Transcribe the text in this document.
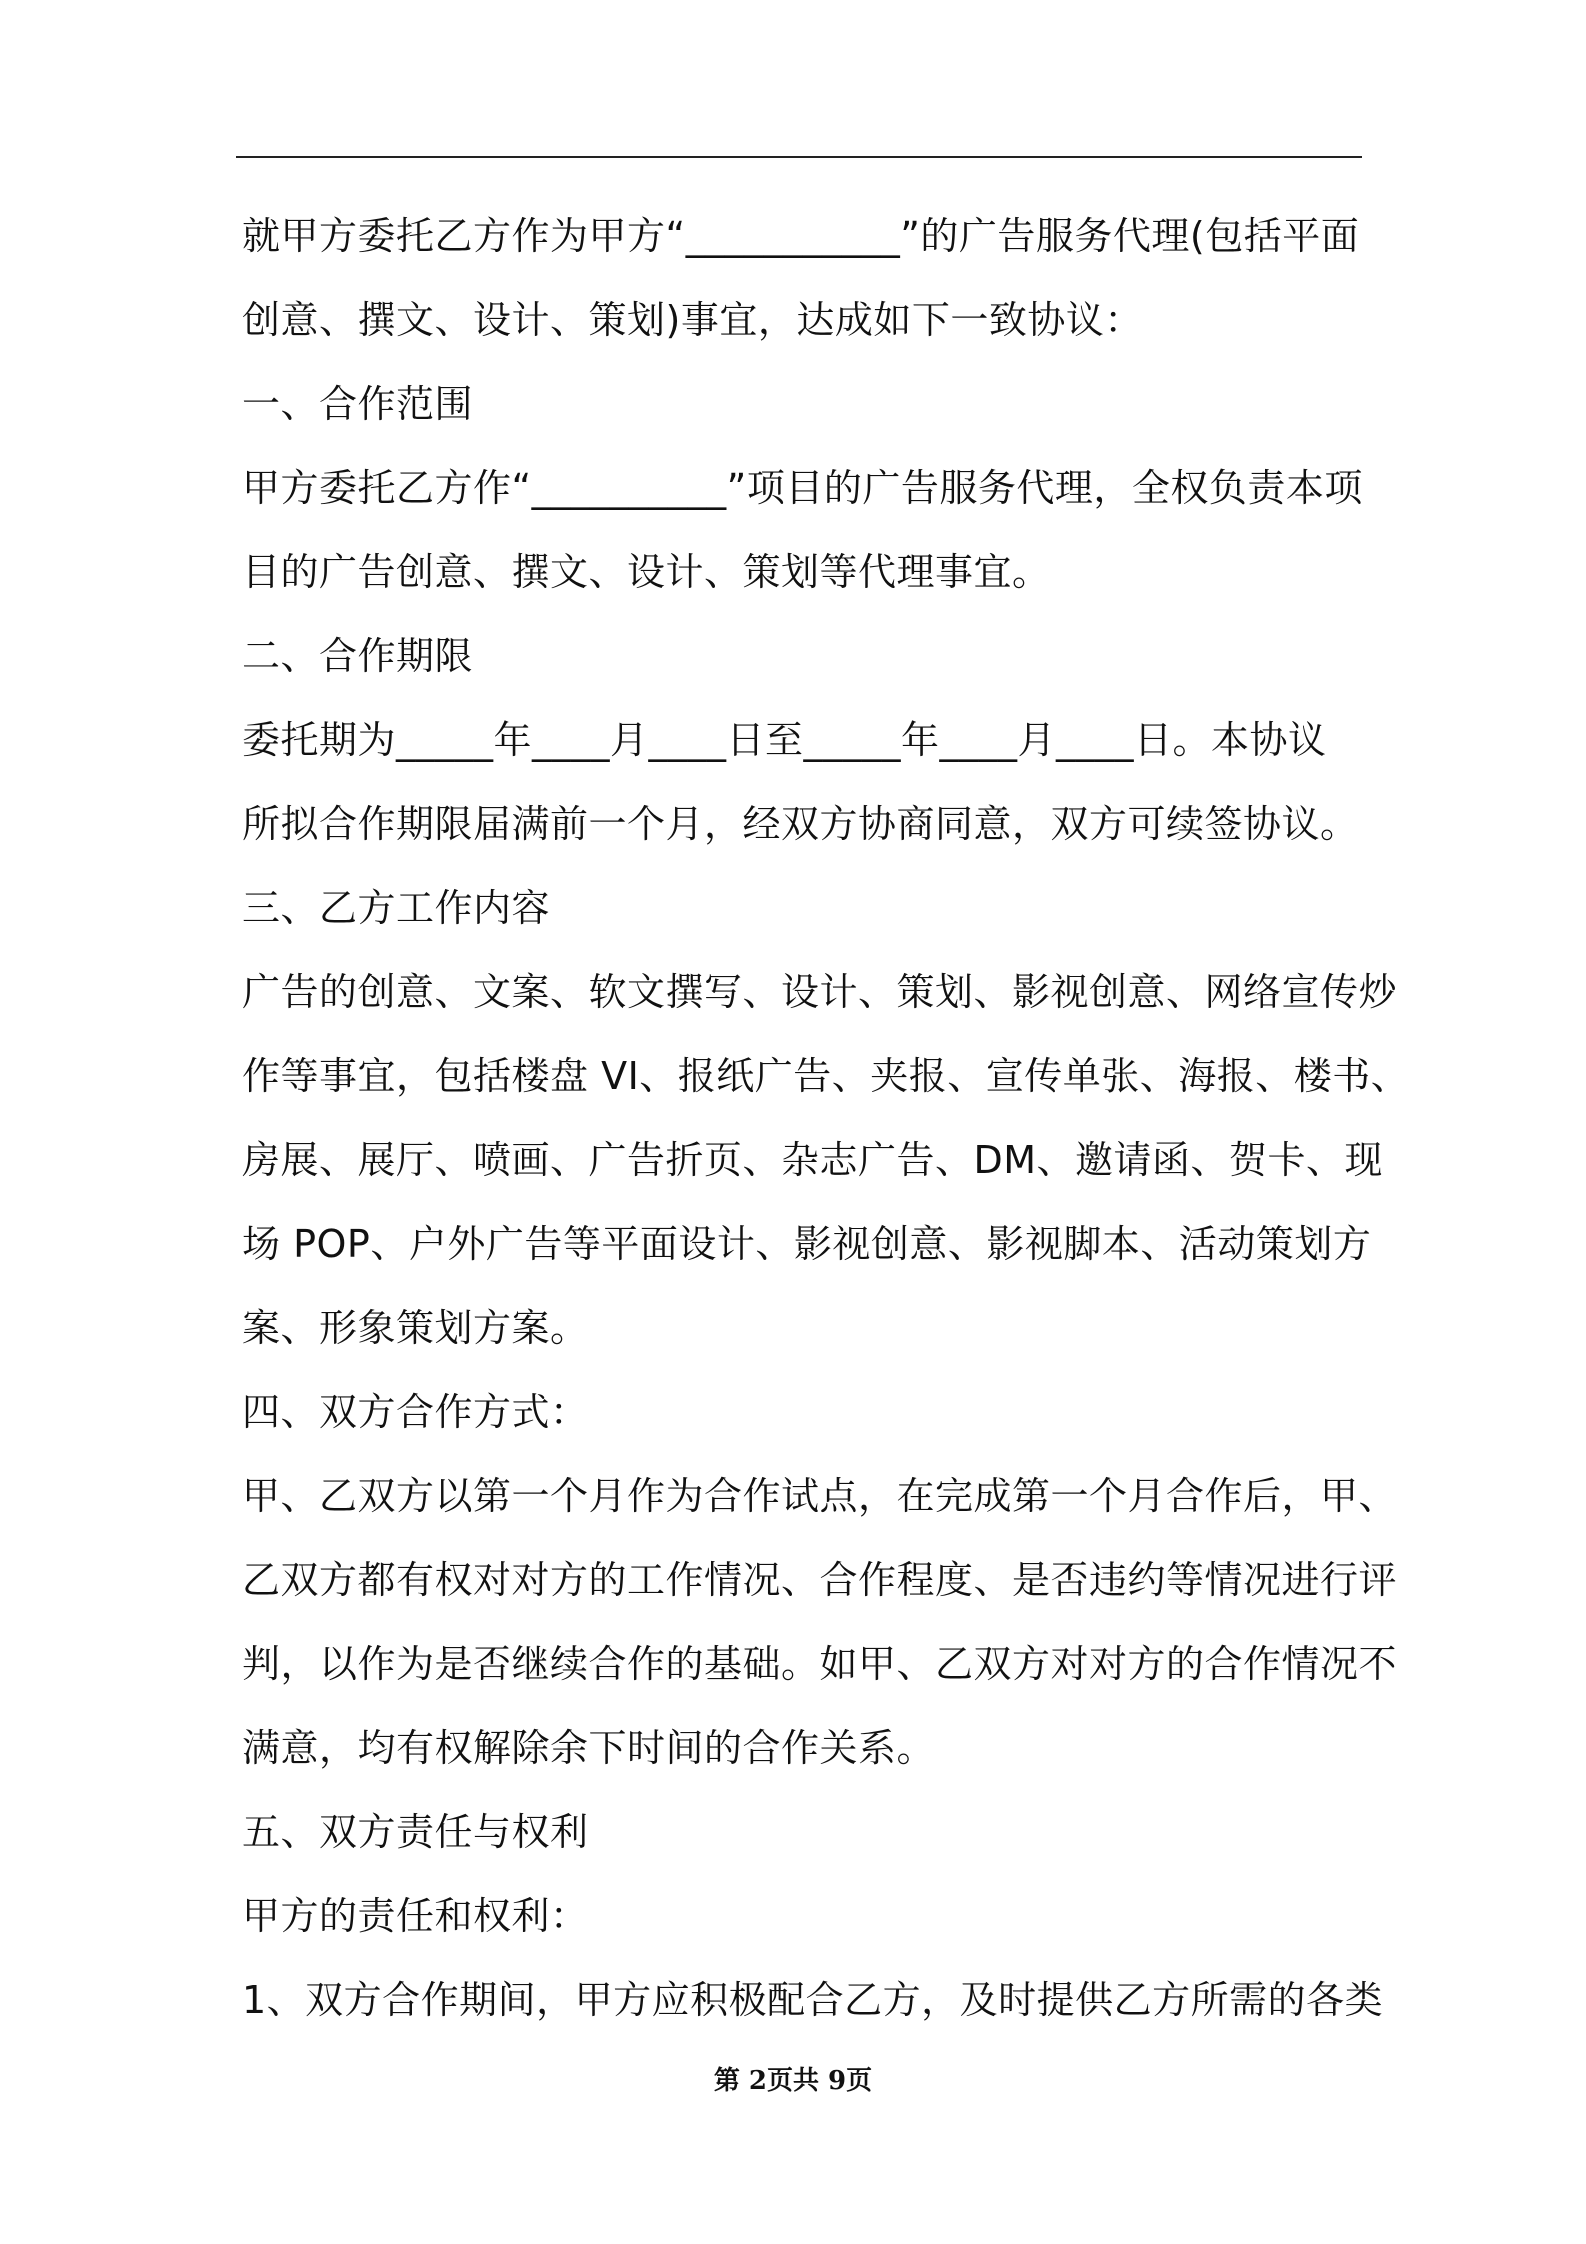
就甲方委托乙方作为甲方“___________”的广告服务代理(包括平面
创意、撰文、设计、策划)事宜，达成如下一致协议：
一、合作范围
甲方委托乙方作“__________”项目的广告服务代理，全权负责本项
目的广告创意、撰文、设计、策划等代理事宜。
二、合作期限
委托期为_____年____月____日至_____年____月____日。本协议
所拟合作期限届满前一个月，经双方协商同意，双方可续签协议。
三、乙方工作内容
广告的创意、文案、软文撰写、设计、策划、影视创意、网络宣传炒
作等事宜，包括楼盘 VI、报纸广告、夹报、宣传单张、海报、楼书、
房展、展厅、喷画、广告折页、杂志广告、DM、邀请函、贺卡、现
场 POP、户外广告等平面设计、影视创意、影视脚本、活动策划方
案、形象策划方案。
四、双方合作方式：
甲、乙双方以第一个月作为合作试点，在完成第一个月合作后，甲、
乙双方都有权对对方的工作情况、合作程度、是否违约等情况进行评
判，以作为是否继续合作的基础。如甲、乙双方对对方的合作情况不
满意，均有权解除余下时间的合作关系。
五、双方责任与权利
甲方的责任和权利：
1、双方合作期间，甲方应积极配合乙方，及时提供乙方所需的各类
第 2页共 9页
